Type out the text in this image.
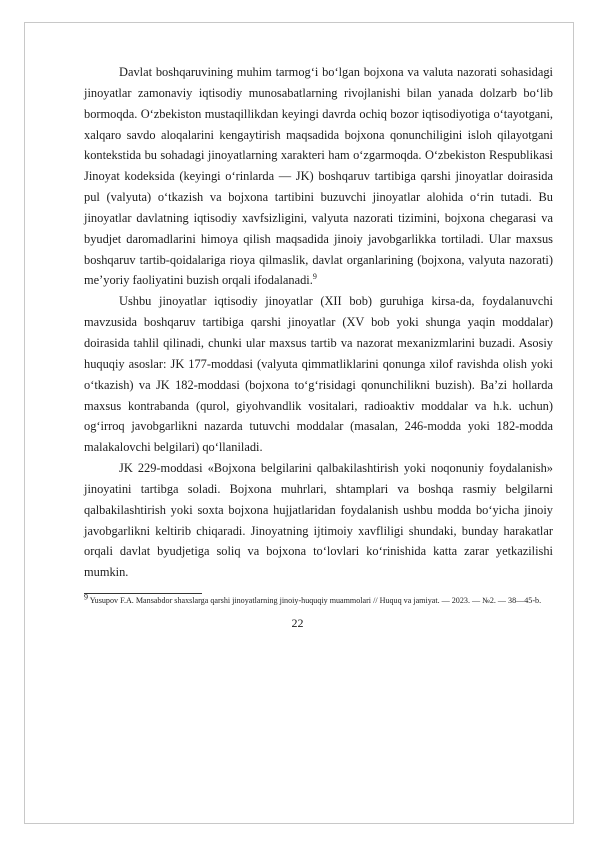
Davlat boshqaruvining muhim tarmog‘i bo‘lgan bojxona va valuta nazorati sohasidagi jinoyatlar zamonaviy iqtisodiy munosabatlarning rivojlanishi bilan yanada dolzarb bo‘lib bormoqda. O‘zbekiston mustaqillikdan keyingi davrda ochiq bozor iqtisodiyotiga o‘tayotgani, xalqaro savdo aloqalarini kengaytirish maqsadida bojxona qonunchiligini isloh qilayotgani kontekstida bu sohadagi jinoyatlarning xarakteri ham o‘zgarmoqda. O‘zbekiston Respublikasi Jinoyat kodeksida (keyingi o‘rinlarda — JK) boshqaruv tartibiga qarshi jinoyatlar doirasida pul (valyuta) o‘tkazish va bojxona tartibini buzuvchi jinoyatlar alohida o‘rin tutadi. Bu jinoyatlar davlatning iqtisodiy xavfsizligini, valyuta nazorati tizimini, bojxona chegarasi va byudjet daromadlarini himoya qilish maqsadida jinoiy javobgarlikka tortiladi. Ular maxsus boshqaruv tartib-qoidalariga rioya qilmaslik, davlat organlarining (bojxona, valyuta nazorati) me’yoriy faoliyatini buzish orqali ifodalanadi.$^9$

Ushbu jinoyatlar iqtisodiy jinoyatlar (XII bob) guruhiga kirsa-da, foydalanuvchi mavzusida boshqaruv tartibiga qarshi jinoyatlar (XV bob yoki shunga yaqin moddalar) doirasida tahlil qilinadi, chunki ular maxsus tartib va nazorat mexanizmlarini buzadi. Asosiy huquqiy asoslar: JK 177-moddasi (valyuta qimmatliklarini qonunga xilof ravishda olish yoki o‘tkazish) va JK 182-moddasi (bojxona to‘g‘risidagi qonunchilikni buzish). Ba’zi hollarda maxsus kontrabanda (qurol, giyohvandlik vositalari, radioaktiv moddalar va h.k. uchun) og‘irroq javobgarlikni nazarda tutuvchi moddalar (masalan, 246-modda yoki 182-modda malakalovchi belgilari) qo‘llaniladi.

JK 229-moddasi «Bojxona belgilarini qalbakilashtirish yoki noqonuniy foydalanish» jinoyatini tartibga soladi. Bojxona muhrlari, shtamplari va boshqa rasmiy belgilarni qalbakilashtirish yoki soxta bojxona hujjatlaridan foydalanish ushbu modda bo‘yicha jinoiy javobgarlikni keltirib chiqaradi. Jinoyatning ijtimoiy xavfliligi shundaki, bunday harakatlar orqali davlat byudjetiga soliq va bojxona to‘lovlari ko‘rinishida katta zarar yetkazilishi mumkin.

$^9$ Yusupov F.A. Mansabdor shaxslarga qarshi jinoyatlarning jinoiy-huquqiy muammolari // Huquq va jamiyat. — 2023. — №2. — 38—45-b.
22
